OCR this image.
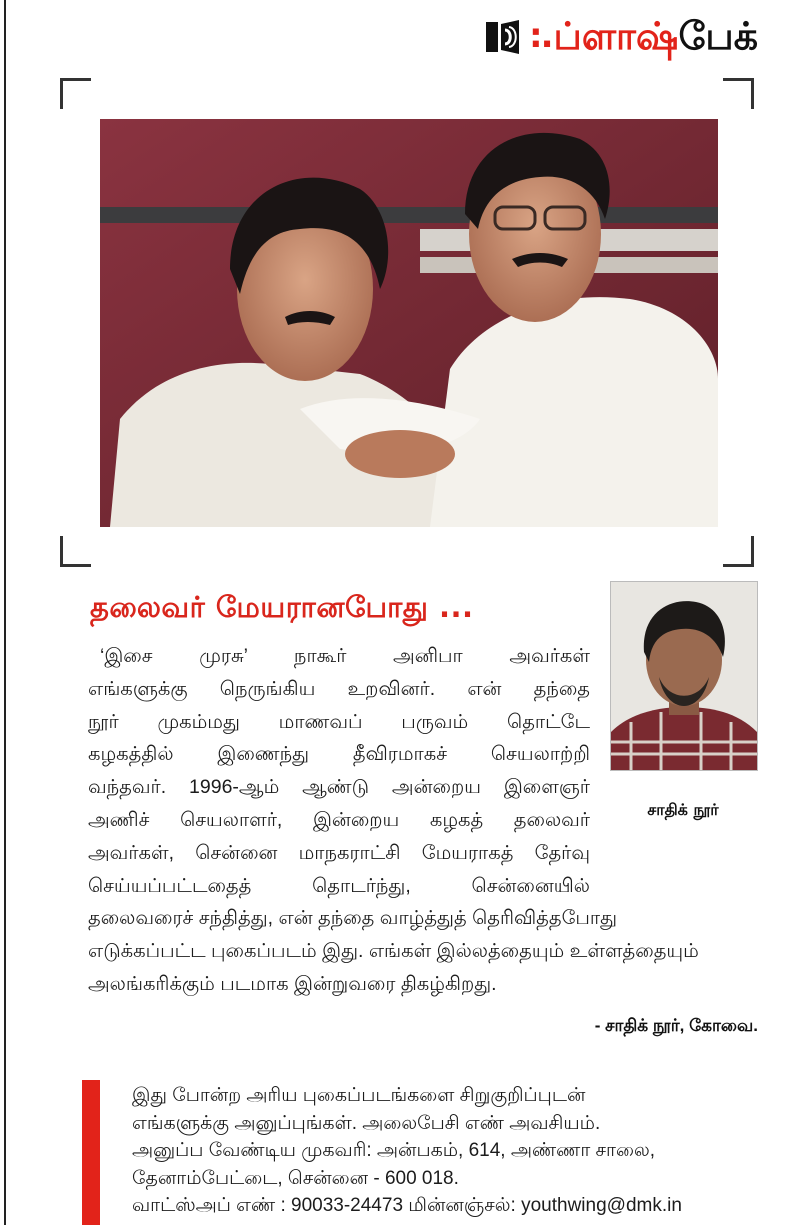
:. ப்ளாஷ் பேக்
தலைவர் மேயரானபோது ...
சாதிக் நூர்
‘இசை முரசு’ நாகூர் அனிபா அவர்கள்
எங்களுக்கு நெருங்கிய உறவினர். என் தந்தை
நூர் முகம்மது மாணவப் பருவம் தொட்டே
கழகத்தில் இணைந்து தீவிரமாகச் செயலாற்றி
வந்தவர். 1996-ஆம் ஆண்டு அன்றைய இளைஞர்
அணிச் செயலாளர், இன்றைய கழகத் தலைவர்
அவர்கள், சென்னை மாநகராட்சி மேயராகத் தேர்வு
செய்யப்பட்டதைத் தொடர்ந்து, சென்னையில்
தலைவரைச் சந்தித்து, என் தந்தை வாழ்த்துத் தெரிவித்தபோது
எடுக்கப்பட்ட புகைப்படம் இது. எங்கள் இல்லத்தையும் உள்ளத்தையும்
அலங்கரிக்கும் படமாக இன்றுவரை திகழ்கிறது.
- சாதிக் நூர், கோவை.
இது போன்ற அரிய புகைப்படங்களை சிறுகுறிப்புடன்
எங்களுக்கு அனுப்புங்கள். அலைபேசி எண் அவசியம்.
அனுப்ப வேண்டிய முகவரி: அன்பகம், 614, அண்ணா சாலை,
தேனாம்பேட்டை, சென்னை - 600 018.
வாட்ஸ்அப் எண் : 90033-24473 மின்னஞ்சல்: youthwing@dmk.in
